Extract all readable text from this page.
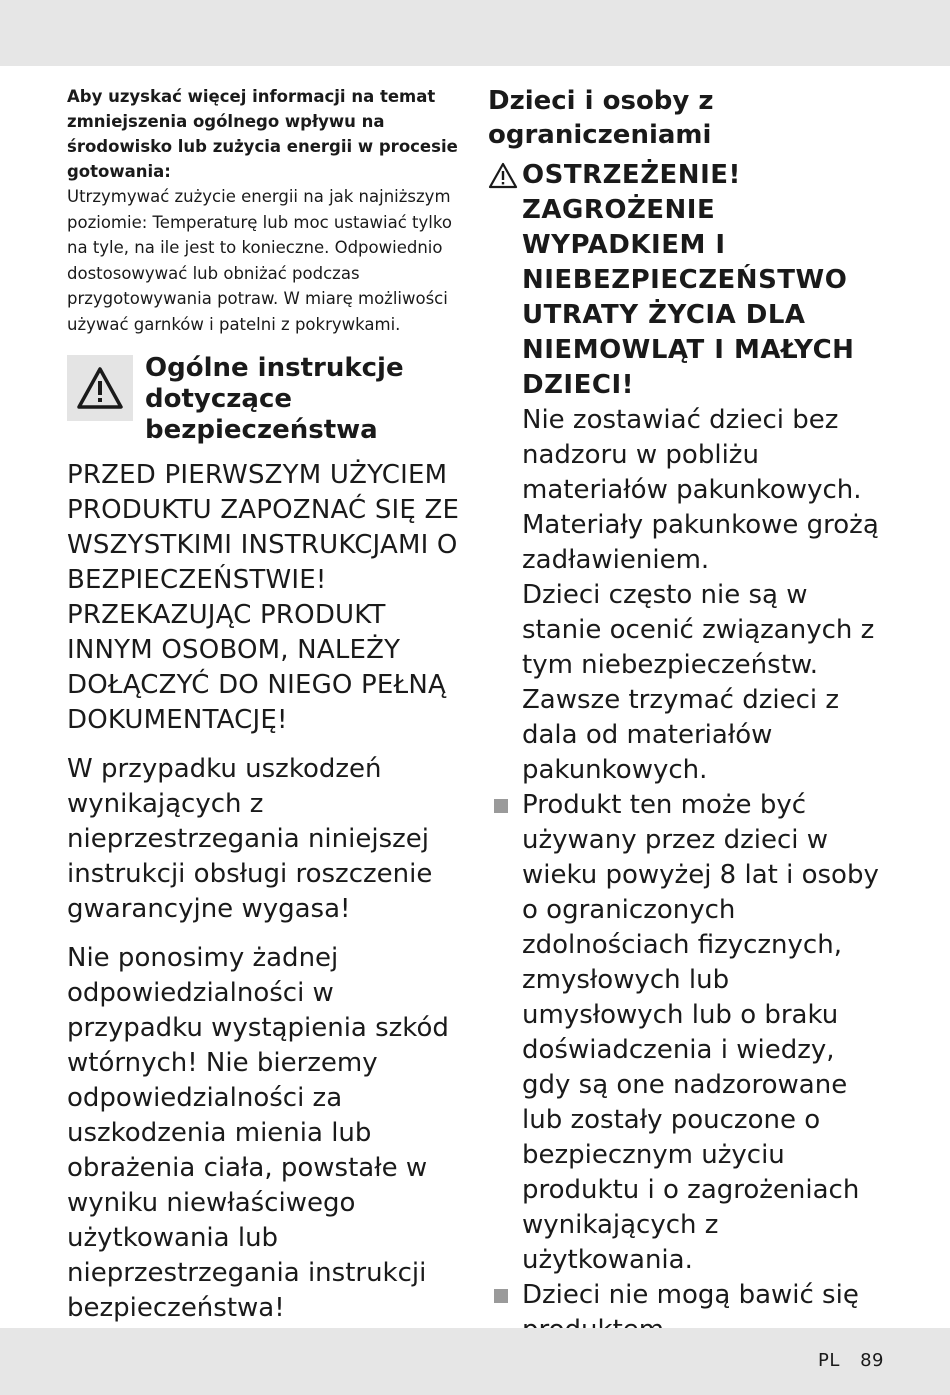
Aby uzyskać więcej informacji na temat zmniejszenia ogólnego wpływu na środowisko lub zużycia energii w procesie gotowania:

Utrzymywać zużycie energii na jak najniższym poziomie: Temperaturę lub moc ustawiać tylko na tyle, na ile jest to konieczne. Odpowiednio dostosowywać lub obniżać podczas przygotowywania potraw. W miarę możliwości używać garnków i patelni z pokrywkami.

Ogólne instrukcje dotyczące bezpieczeństwa

PRZED PIERWSZYM UŻYCIEM PRODUKTU ZAPOZNAĆ SIĘ ZE WSZYSTKIMI INSTRUKCJAMI O BEZPIECZEŃSTWIE! PRZEKAZUJĄC PRODUKT INNYM OSOBOM, NALEŻY DOŁĄCZYĆ DO NIEGO PEŁNĄ DOKUMENTACJĘ!

W przypadku uszkodzeń wynikających z nieprzestrzegania niniejszej instrukcji obsługi roszczenie gwarancyjne wygasa!

Nie ponosimy żadnej odpowiedzialności w przypadku wystąpienia szkód wtórnych! Nie bierzemy odpowiedzialności za uszkodzenia mienia lub obrażenia ciała, powstałe w wyniku niewłaściwego użytkowania lub nieprzestrzegania instrukcji bezpieczeństwa!

Dzieci i osoby z ograniczeniami

OSTRZEŻENIE! ZAGROŻENIE WYPADKIEM I NIEBEZPIECZEŃSTWO UTRATY ŻYCIA DLA NIEMOWLĄT I MAŁYCH DZIECI!

Nie zostawiać dzieci bez nadzoru w pobliżu materiałów pakunkowych.

Materiały pakunkowe grożą zadławieniem.

Dzieci często nie są w stanie ocenić związanych z tym niebezpieczeństw. Zawsze trzymać dzieci z dala od materiałów pakunkowych.

Produkt ten może być używany przez dzieci w wieku powyżej 8 lat i osoby o ograniczonych zdolnościach fizycznych, zmysłowych lub umysłowych lub o braku doświadczenia i wiedzy, gdy są one nadzorowane lub zostały pouczone o bezpiecznym użyciu produktu i o zagrożeniach wynikających z użytkowania.

Dzieci nie mogą bawić się

PL 89
